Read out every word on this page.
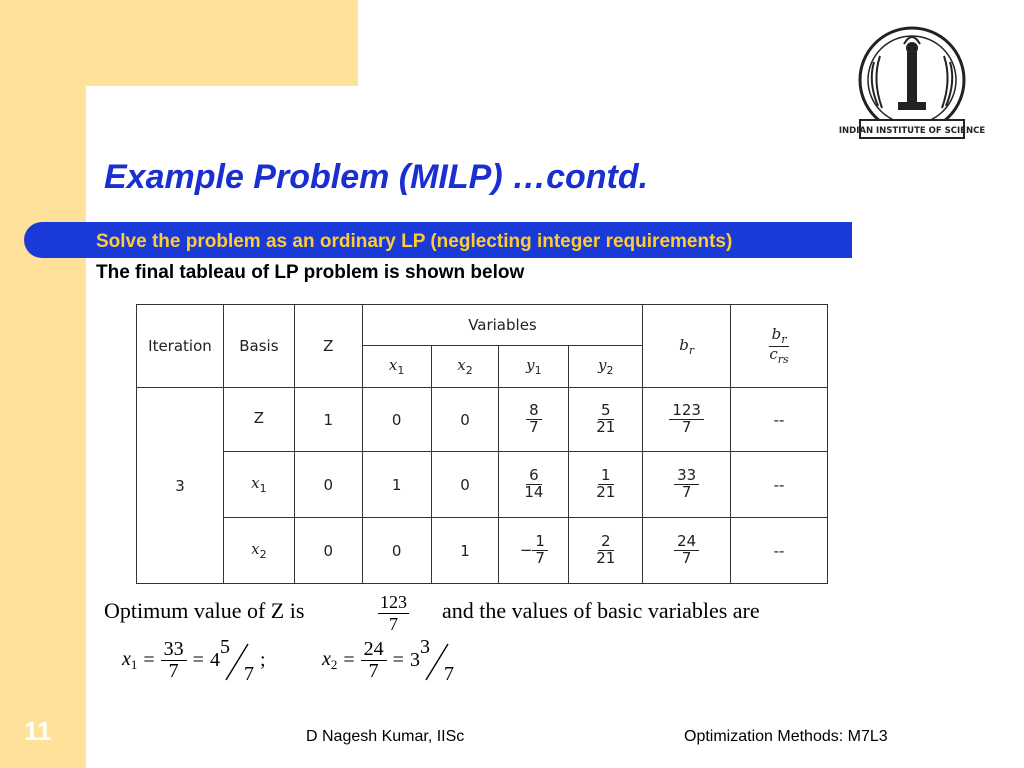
INDIAN INSTITUTE OF SCIENCE
Example Problem (MILP) …contd.
Solve the problem as an ordinary LP (neglecting integer requirements)
The final tableau of LP problem is shown below
Iteration	Basis	Z	Variables				$b_r$	$\frac{b_r}{c_{rs}}$

			$x_1$	$x_2$	$y_1$	$y_2$
3	Z	1	0	0	$\frac{8}{7}$	$\frac{5}{21}$	$\frac{123}{7}$	--
	$x_1$	0	1	0	$\frac{6}{14}$	$\frac{1}{21}$	$\frac{33}{7}$	--
	$x_2$	0	0	1	− $\frac{1}{7}$	$\frac{2}{21}$	$\frac{24}{7}$	--
Optimum value of Z is	$\frac{123}{7}$ and the values of basic variables are
$x_1 = \frac{33}{7} = 4$
5
7
;	$x_2 = \frac{24}{7} = 3$
3
7
11	D Nagesh Kumar, IISc	Optimization Methods: M7L3
